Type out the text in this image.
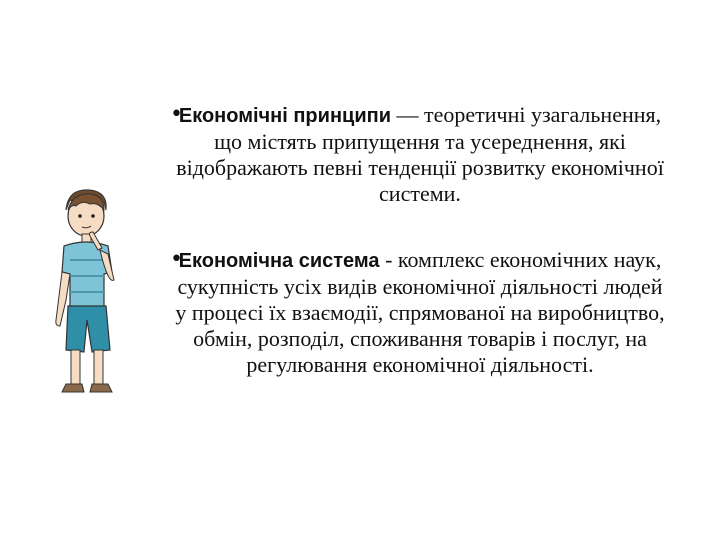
•
Економічні принципи — теоретичні узагальнення, що містять припущення та усереднення, які відображають певні тенденції розвитку економічної системи.

•
Економічна система - комплекс економічних наук, сукупність усіх видів економічної діяльності людей у процесі їх взаємодії, спрямованої на виробництво, обмін, розподіл, споживання товарів і послуг, на регулювання економічної діяльності.
